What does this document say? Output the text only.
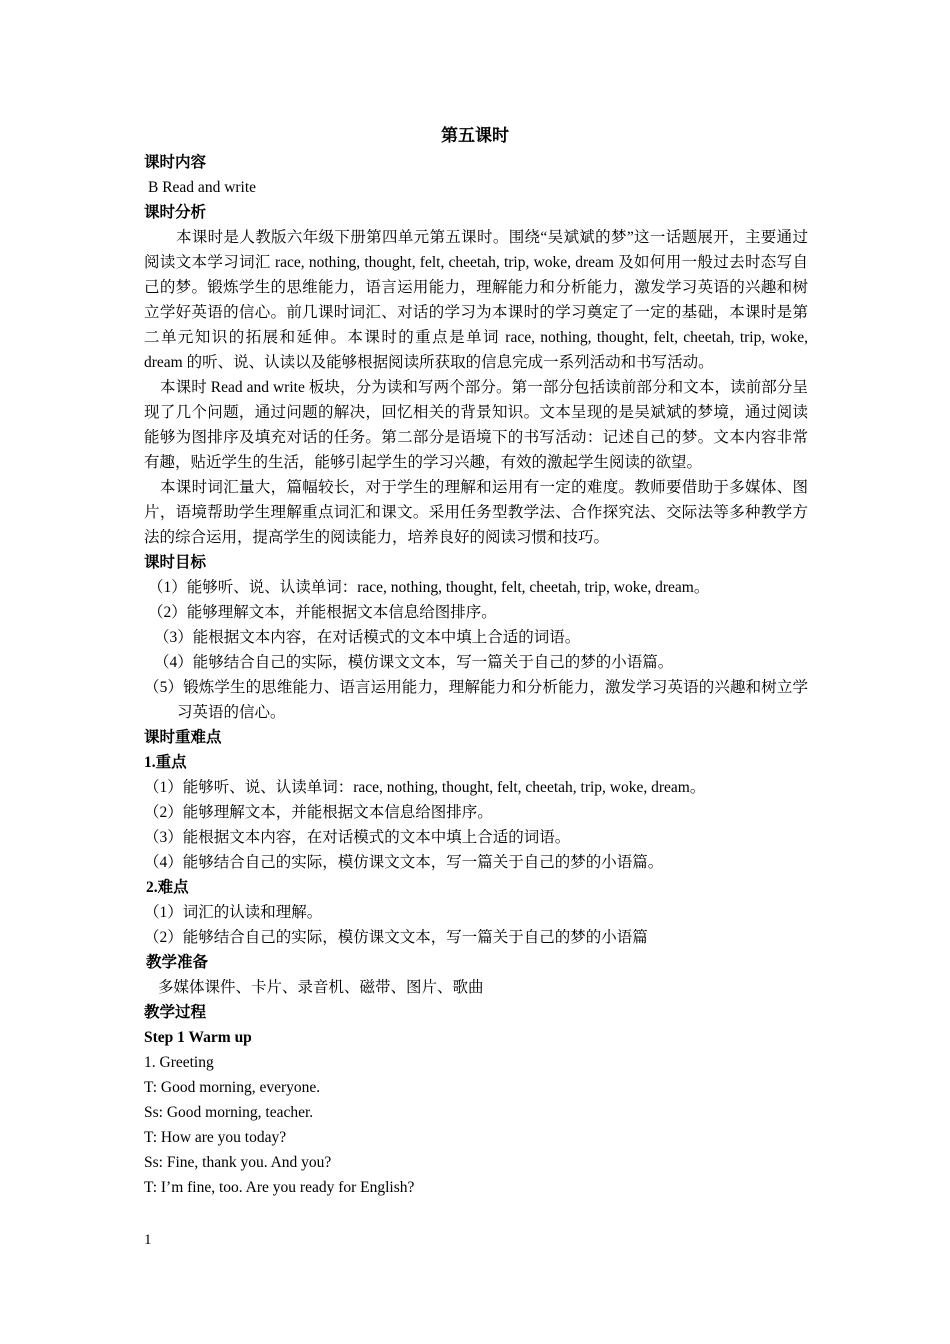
第五课时
课时内容
B Read and write
课时分析
本课时是人教版六年级下册第四单元第五课时。围绕“吴斌斌的梦”这一话题展开，主要通过阅读文本学习词汇 race, nothing, thought, felt, cheetah, trip, woke, dream 及如何用一般过去时态写自己的梦。锻炼学生的思维能力，语言运用能力，理解能力和分析能力，激发学习英语的兴趣和树立学好英语的信心。前几课时词汇、对话的学习为本课时的学习奠定了一定的基础，本课时是第二单元知识的拓展和延伸。本课时的重点是单词 race, nothing, thought, felt, cheetah, trip, woke, dream 的听、说、认读以及能够根据阅读所获取的信息完成一系列活动和书写活动。
本课时 Read and write 板块，分为读和写两个部分。第一部分包括读前部分和文本，读前部分呈现了几个问题，通过问题的解决，回忆相关的背景知识。文本呈现的是吴斌斌的梦境，通过阅读能够为图排序及填充对话的任务。第二部分是语境下的书写活动：记述自己的梦。文本内容非常有趣，贴近学生的生活，能够引起学生的学习兴趣，有效的激起学生阅读的欲望。
本课时词汇量大，篇幅较长，对于学生的理解和运用有一定的难度。教师要借助于多媒体、图片，语境帮助学生理解重点词汇和课文。采用任务型教学法、合作探究法、交际法等多种教学方法的综合运用，提高学生的阅读能力，培养良好的阅读习惯和技巧。
课时目标
（1）能够听、说、认读单词：race, nothing, thought, felt, cheetah, trip, woke, dream。
（2）能够理解文本，并能根据文本信息给图排序。
（3）能根据文本内容，在对话模式的文本中填上合适的词语。
（4）能够结合自己的实际，模仿课文文本，写一篇关于自己的梦的小语篇。
（5）锻炼学生的思维能力、语言运用能力，理解能力和分析能力，激发学习英语的兴趣和树立学习英语的信心。
课时重难点
1.重点
（1）能够听、说、认读单词：race, nothing, thought, felt, cheetah, trip, woke, dream。
（2）能够理解文本，并能根据文本信息给图排序。
（3）能根据文本内容，在对话模式的文本中填上合适的词语。
（4）能够结合自己的实际，模仿课文文本，写一篇关于自己的梦的小语篇。
2.难点
（1）词汇的认读和理解。
（2）能够结合自己的实际，模仿课文文本，写一篇关于自己的梦的小语篇
教学准备
多媒体课件、卡片、录音机、磁带、图片、歌曲
教学过程
Step 1 Warm up
1. Greeting
T: Good morning, everyone.
Ss: Good morning, teacher.
T: How are you today?
Ss: Fine, thank you. And you?
T: I’m fine, too. Are you ready for English?
1
